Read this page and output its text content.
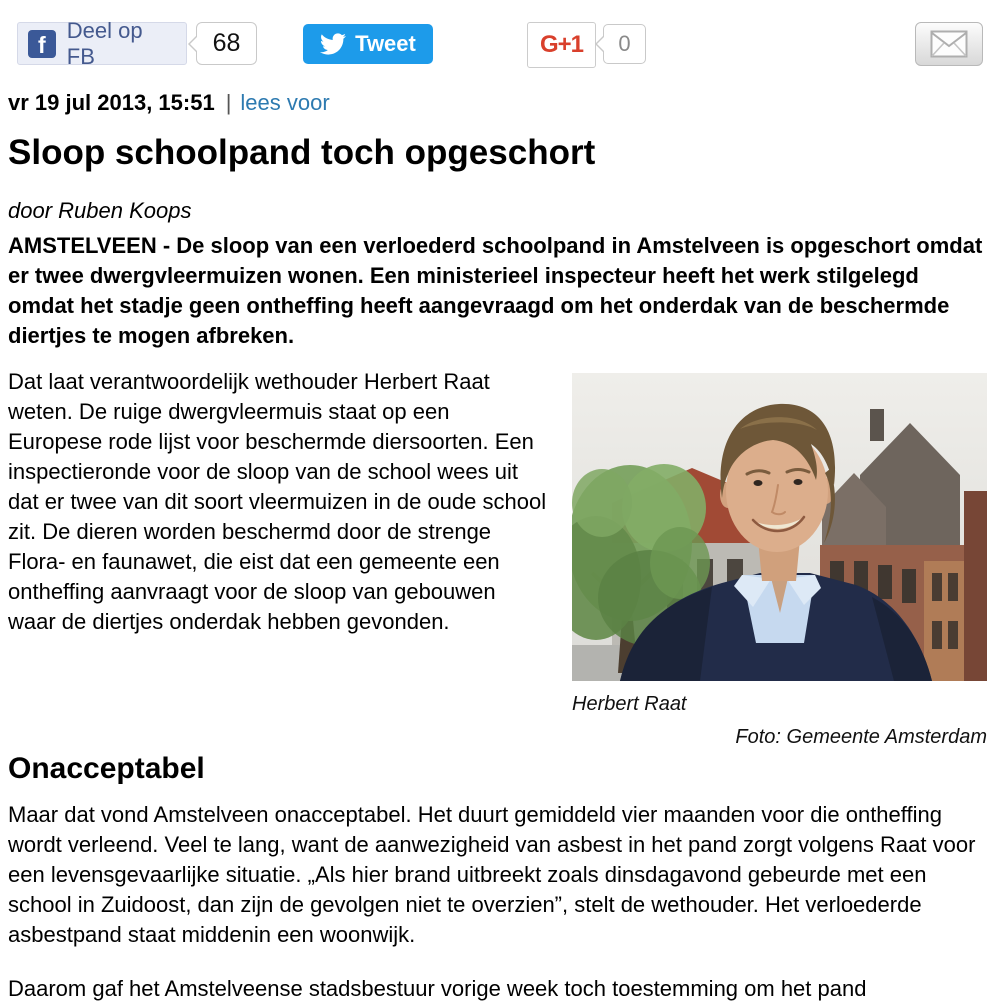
f
Deel op FB	68	Tweet	G+1 0
vr 19 jul 2013, 15:51 | lees voor
Sloop schoolpand toch opgeschort
door Ruben Koops
AMSTELVEEN - De sloop van een verloederd schoolpand in Amstelveen is opgeschort omdat er twee dwergvleermuizen wonen. Een ministerieel inspecteur heeft het werk stilgelegd omdat het stadje geen ontheffing heeft aangevraagd om het onderdak van de beschermde diertjes te mogen afbreken.
Herbert Raat
Foto: Gemeente Amsterdam

Dat laat verantwoordelijk wethouder Herbert Raat weten. De ruige dwergvleermuis staat op een Europese rode lijst voor beschermde diersoorten. Een inspectieronde voor de sloop van de school wees uit dat er twee van dit soort vleermuizen in de oude school zit. De dieren worden beschermd door de strenge Flora- en faunawet, die eist dat een gemeente een ontheffing aanvraagt voor de sloop van gebouwen waar de diertjes onderdak hebben gevonden.

Onacceptabel

Maar dat vond Amstelveen onacceptabel. Het duurt gemiddeld vier maanden voor die ontheffing wordt verleend. Veel te lang, want de aanwezigheid van asbest in het pand zorgt volgens Raat voor een levensgevaarlijke situatie. „Als hier brand uitbreekt zoals dinsdagavond gebeurde met een school in Zuidoost, dan zijn de gevolgen niet te overzien”, stelt de wethouder. Het verloederde asbestpand staat middenin een woonwijk.

Daarom gaf het Amstelveense stadsbestuur vorige week toch toestemming om het pand
